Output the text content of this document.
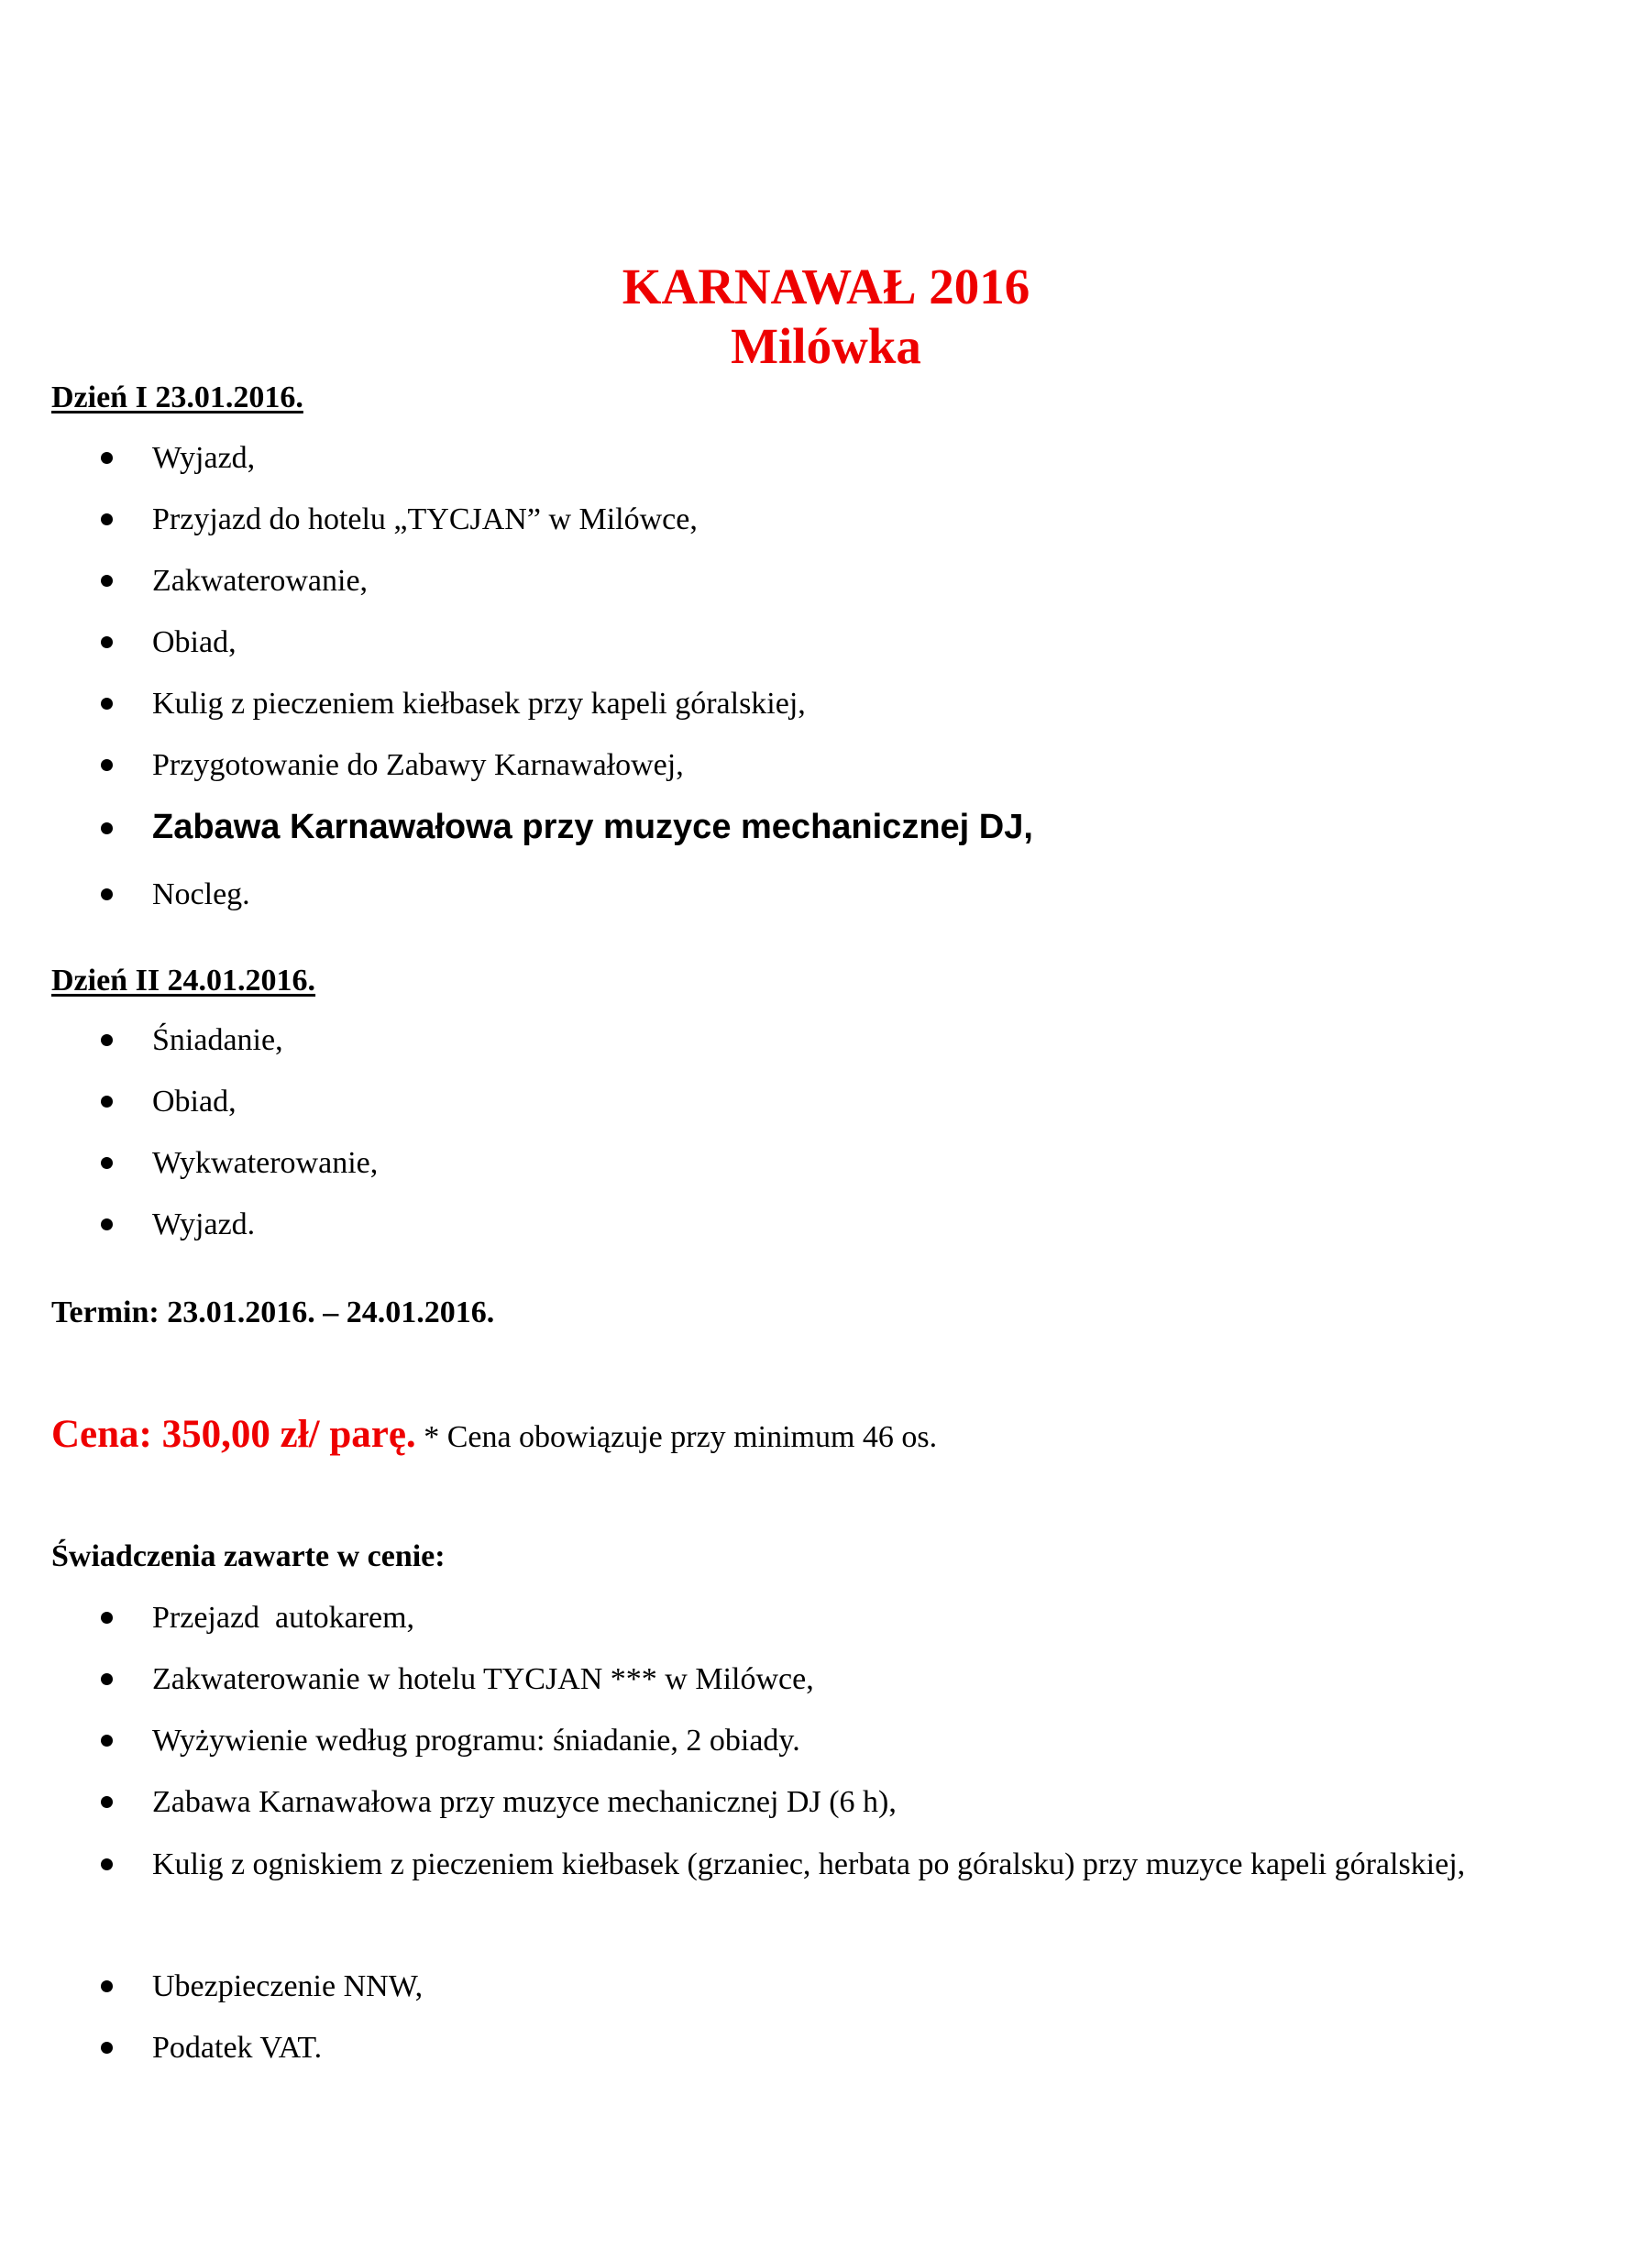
KARNAWAŁ 2016
Milówka
Dzień I 23.01.2016.
Wyjazd,
Przyjazd do hotelu „TYCJAN” w Milówce,
Zakwaterowanie,
Obiad,
Kulig z pieczeniem kiełbasek przy kapeli góralskiej,
Przygotowanie do Zabawy Karnawałowej,
Zabawa Karnawałowa przy muzyce mechanicznej DJ,
Nocleg.
Dzień II 24.01.2016.
Śniadanie,
Obiad,
Wykwaterowanie,
Wyjazd.
Termin: 23.01.2016. – 24.01.2016.
Cena: 350,00 zł/ parę. * Cena obowiązuje przy minimum 46 os.
Świadczenia zawarte w cenie:
Przejazd  autokarem,
Zakwaterowanie w hotelu TYCJAN *** w Milówce,
Wyżywienie według programu: śniadanie, 2 obiady.
Zabawa Karnawałowa przy muzyce mechanicznej DJ (6 h),
Kulig z ogniskiem z pieczeniem kiełbasek (grzaniec, herbata po góralsku) przy muzyce kapeli góralskiej,
Ubezpieczenie NNW,
Podatek VAT.
